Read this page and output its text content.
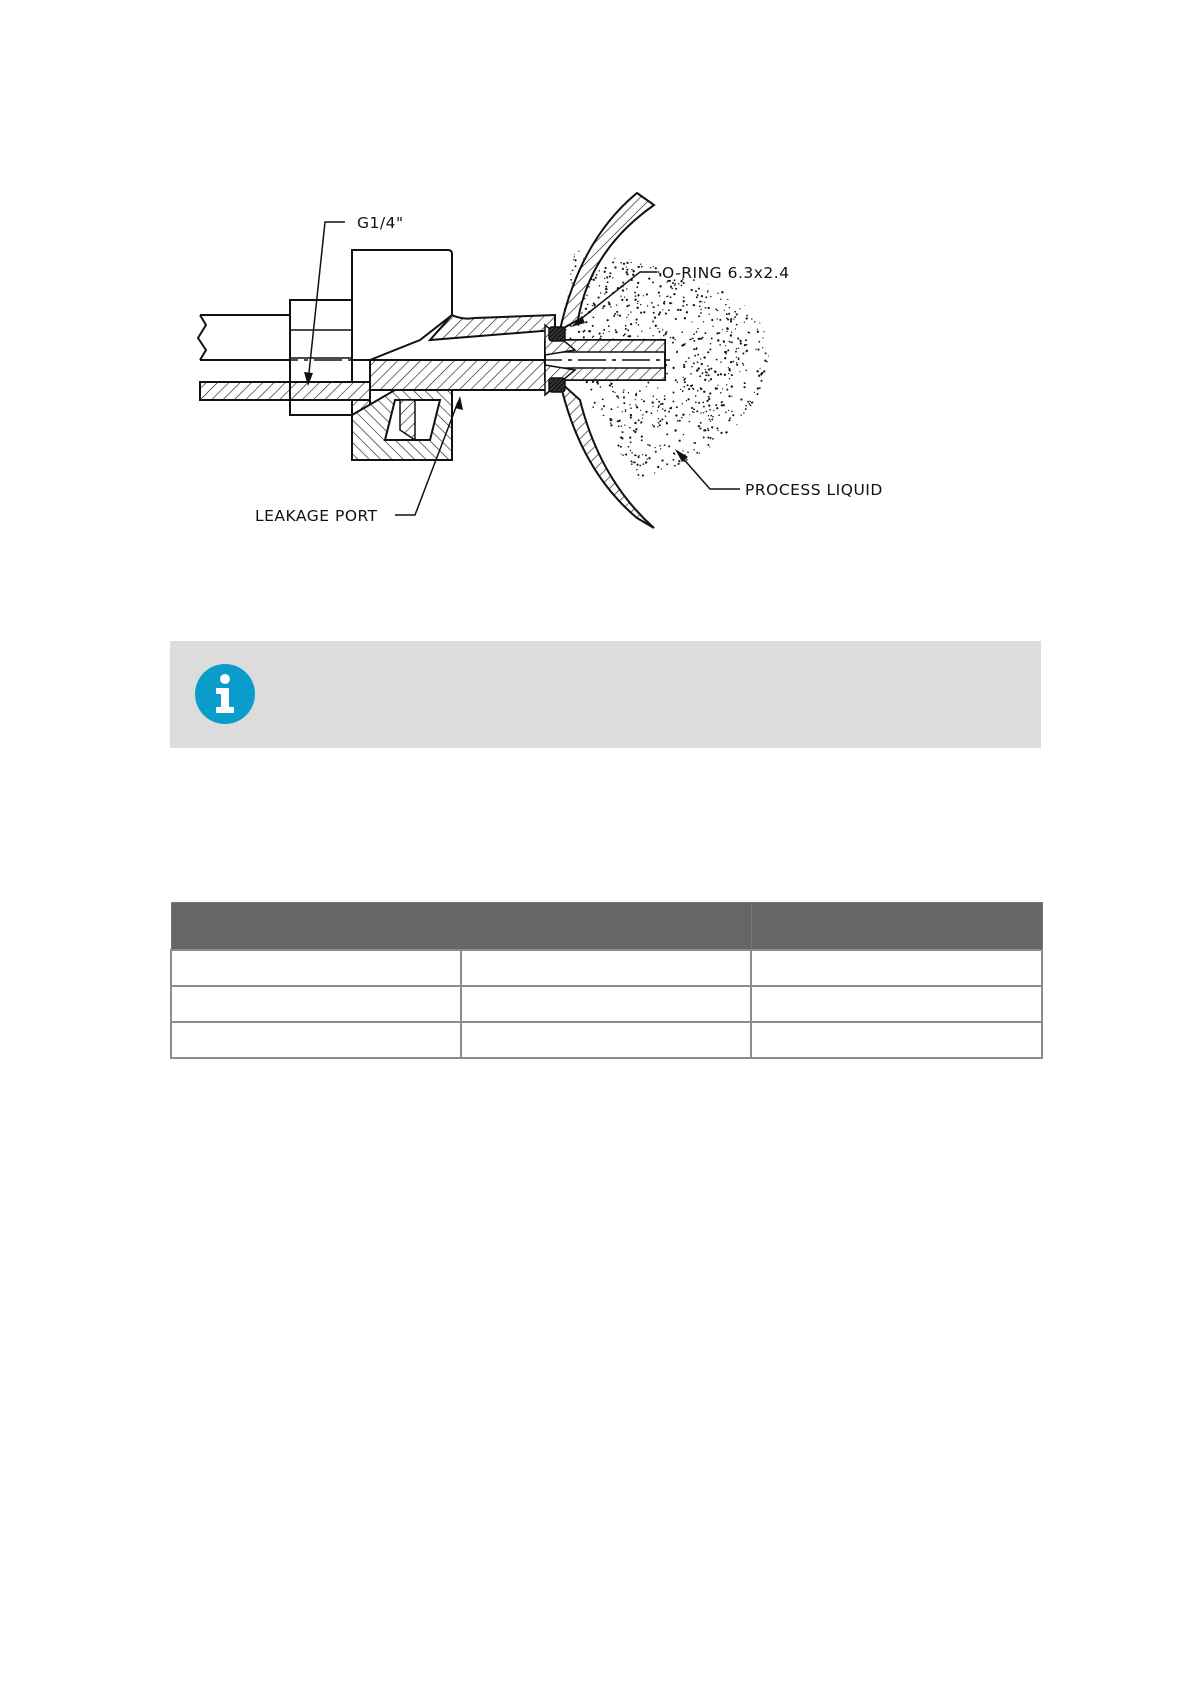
G1/4"
O-RING 6.3x2.4
PROCESS LIQUID
LEAKAGE PORT
